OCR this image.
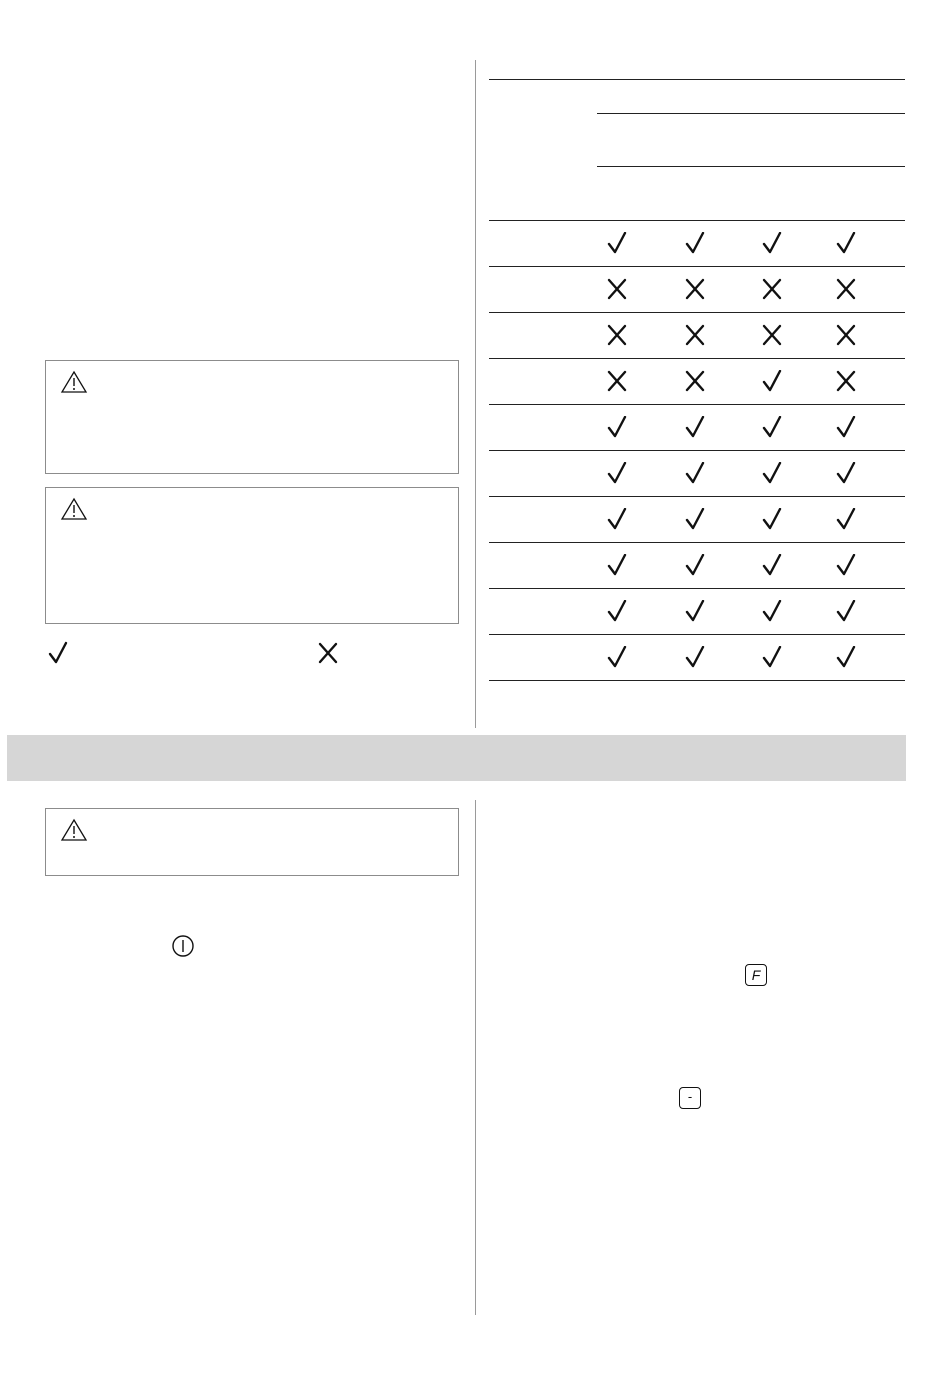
F
-
